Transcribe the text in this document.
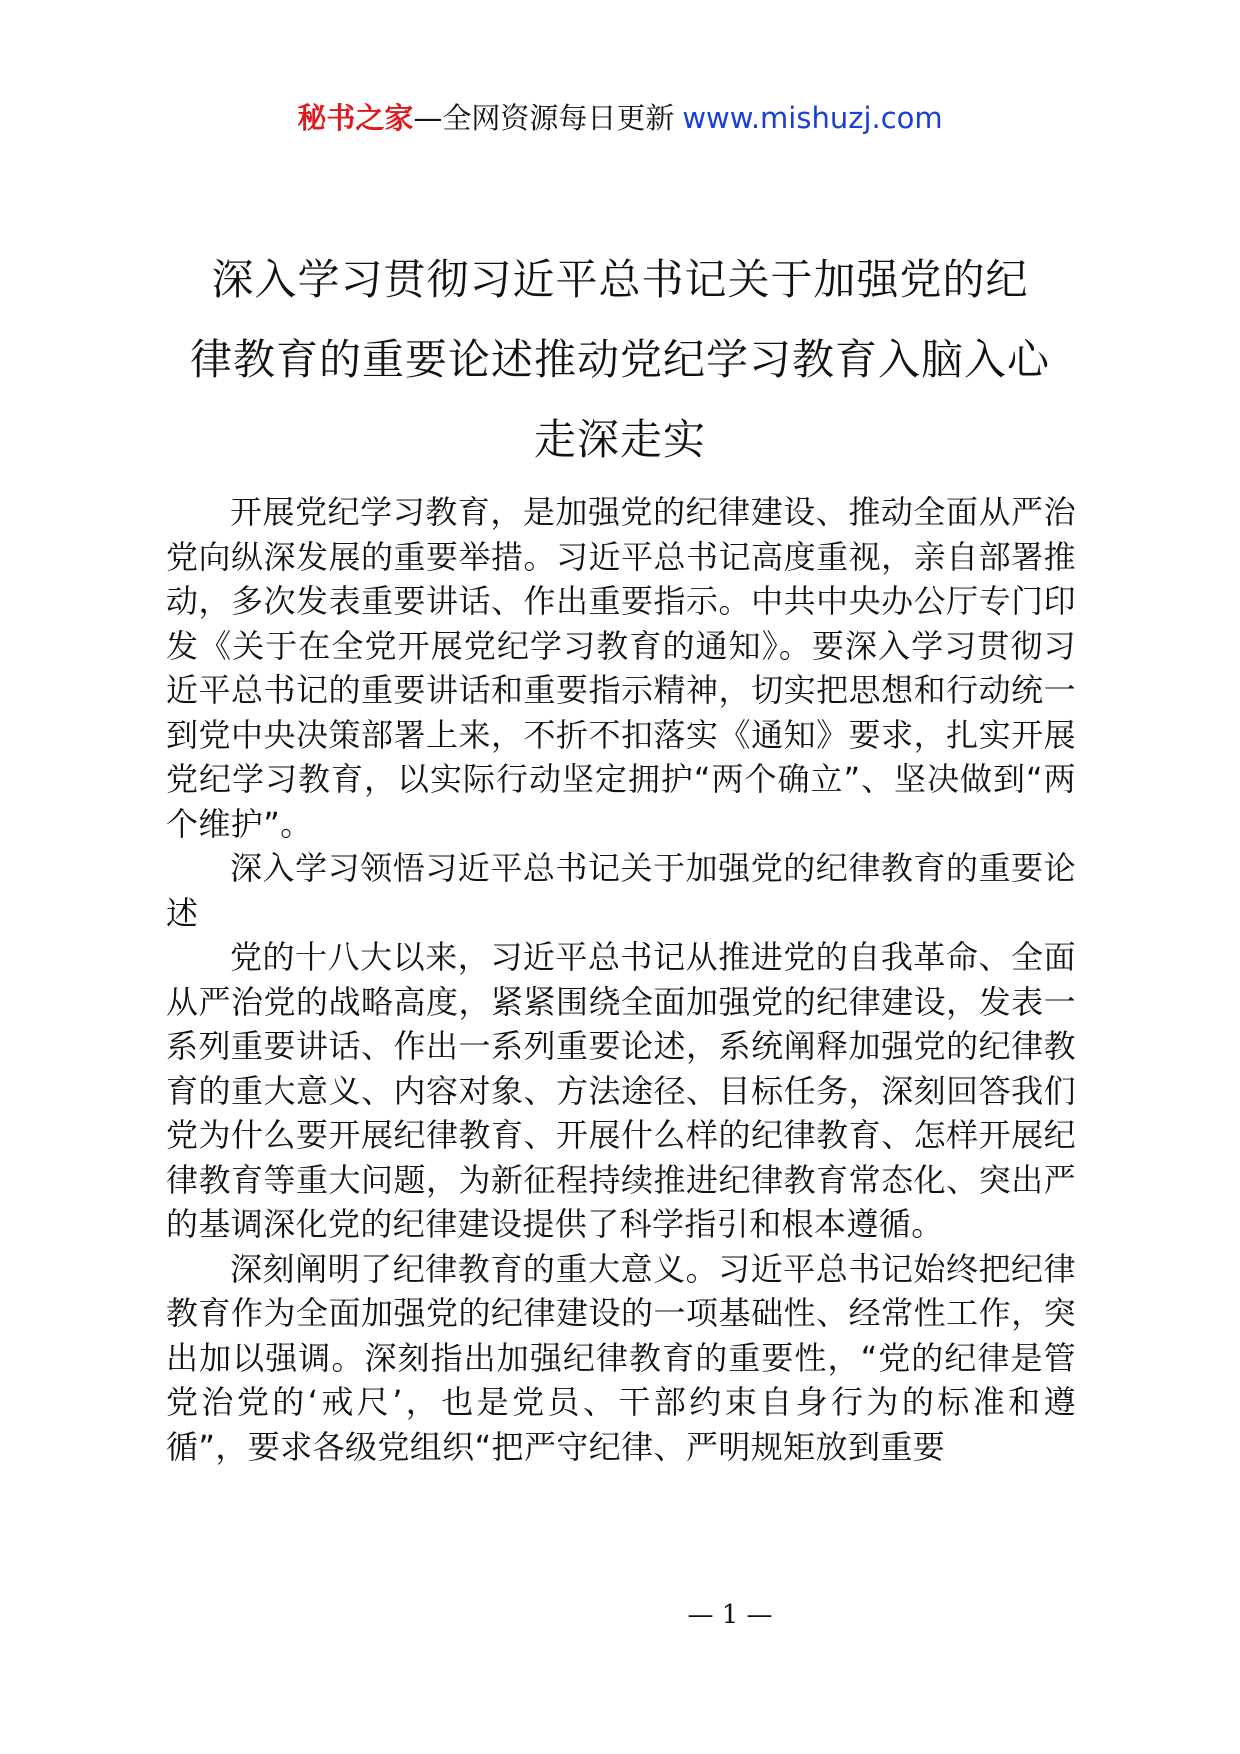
秘书之家—全网资源每日更新 www.mishuzj.com
深入学习贯彻习近平总书记关于加强党的纪
律教育的重要论述推动党纪学习教育入脑入心
走深走实

开展党纪学习教育，是加强党的纪律建设、推动全面从严治党向纵深发展的重要举措。习近平总书记高度重视，亲自部署推动，多次发表重要讲话、作出重要指示。中共中央办公厅专门印发《关于在全党开展党纪学习教育的通知》。要深入学习贯彻习近平总书记的重要讲话和重要指示精神，切实把思想和行动统一到党中央决策部署上来，不折不扣落实《通知》要求，扎实开展党纪学习教育，以实际行动坚定拥护“两个确立”、坚决做到“两个维护”。

深入学习领悟习近平总书记关于加强党的纪律教育的重要论述

党的十八大以来，习近平总书记从推进党的自我革命、全面从严治党的战略高度，紧紧围绕全面加强党的纪律建设，发表一系列重要讲话、作出一系列重要论述，系统阐释加强党的纪律教育的重大意义、内容对象、方法途径、目标任务，深刻回答我们党为什么要开展纪律教育、开展什么样的纪律教育、怎样开展纪律教育等重大问题，为新征程持续推进纪律教育常态化、突出严的基调深化党的纪律建设提供了科学指引和根本遵循。

深刻阐明了纪律教育的重大意义。习近平总书记始终把纪律教育作为全面加强党的纪律建设的一项基础性、经常性工作，突出加以强调。深刻指出加强纪律教育的重要性，“党的纪律是管党治党的‘戒尺’，也是党员、干部约束自身行为的标准和遵循”，要求各级党组织“把严守纪律、严明规矩放到重要

— 1 —
